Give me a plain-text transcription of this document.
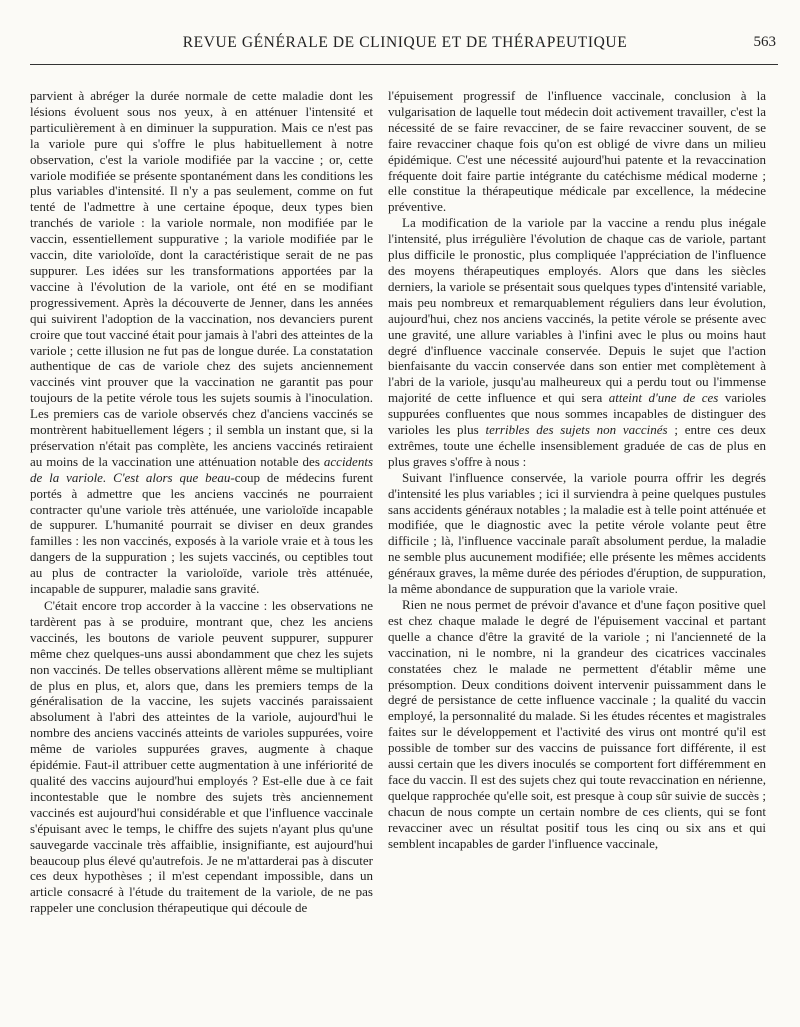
REVUE GÉNÉRALE DE CLINIQUE ET DE THÉRAPEUTIQUE	563

parvient à abréger la durée normale de cette maladie dont les lésions évoluent sous nos yeux, à en atténuer l'intensité et particulièrement à en diminuer la suppuration. Mais ce n'est pas la variole pure qui s'offre le plus habituellement à notre observation, c'est la variole modifiée par la vaccine ; or, cette variole modifiée se présente spontanément dans les conditions les plus variables d'intensité. Il n'y a pas seulement, comme on fut tenté de l'admettre à une certaine époque, deux types bien tranchés de variole : la variole normale, non modifiée par le vaccin, essentiellement suppurative ; la variole modifiée par le vaccin, dite varioloïde, dont la caractéristique serait de ne pas suppurer. Les idées sur les transformations apportées par la vaccine à l'évolution de la variole, ont été en se modifiant progressivement. Après la découverte de Jenner, dans les années qui suivirent l'adoption de la vaccination, nos devanciers purent croire que tout vacciné était pour jamais à l'abri des atteintes de la variole ; cette illusion ne fut pas de longue durée. La constatation authentique de cas de variole chez des sujets anciennement vaccinés vint prouver que la vaccination ne garantit pas pour toujours de la petite vérole tous les sujets soumis à l'inoculation. Les premiers cas de variole observés chez d'anciens vaccinés se montrèrent habituellement légers ; il sembla un instant que, si la préservation n'était pas complète, les anciens vaccinés retiraient au moins de la vaccination une atténuation notable des accidents de la variole. C'est alors que beau-coup de médecins furent portés à admettre que les anciens vaccinés ne pourraient contracter qu'une variole très atténuée, une varioloïde incapable de suppurer. L'humanité pourrait se diviser en deux grandes familles : les non vaccinés, exposés à la variole vraie et à tous les dangers de la suppuration ; les sujets vaccinés, ou ceptibles tout au plus de contracter la varioloïde, variole très atténuée, incapable de suppurer, maladie sans gravité.

C'était encore trop accorder à la vaccine : les observations ne tardèrent pas à se produire, montrant que, chez les anciens vaccinés, les boutons de variole peuvent suppurer, suppurer même chez quelques-uns aussi abondamment que chez les sujets non vaccinés. De telles observations allèrent même se multipliant de plus en plus, et, alors que, dans les premiers temps de la généralisation de la vaccine, les sujets vaccinés paraissaient absolument à l'abri des atteintes de la variole, aujourd'hui le nombre des anciens vaccinés atteints de varioles suppurées, voire même de varioles suppurées graves, augmente à chaque épidémie. Faut-il attribuer cette augmentation à une infériorité de qualité des vaccins aujourd'hui employés ? Est-elle due à ce fait incontestable que le nombre des sujets très anciennement vaccinés est aujourd'hui considérable et que l'influence vaccinale s'épuisant avec le temps, le chiffre des sujets n'ayant plus qu'une sauvegarde vaccinale très affaiblie, insignifiante, est aujourd'hui beaucoup plus élevé qu'autrefois. Je ne m'attarderai pas à discuter ces deux hypothèses ; il m'est cependant impossible, dans un article consacré à l'étude du traitement de la variole, de ne pas rappeler une conclusion thérapeutique qui découle de

l'épuisement progressif de l'influence vaccinale, conclusion à la vulgarisation de laquelle tout médecin doit activement travailler, c'est la nécessité de se faire revacciner, de se faire revacciner souvent, de se faire revacciner chaque fois qu'on est obligé de vivre dans un milieu épidémique. C'est une nécessité aujourd'hui patente et la revaccination fréquente doit faire partie intégrante du catéchisme médical moderne ; elle constitue la thérapeutique médicale par excellence, la médecine préventive.

La modification de la variole par la vaccine a rendu plus inégale l'intensité, plus irrégulière l'évolution de chaque cas de variole, partant plus difficile le pronostic, plus compliquée l'appréciation de l'influence des moyens thérapeutiques employés. Alors que dans les siècles derniers, la variole se présentait sous quelques types d'intensité variable, mais peu nombreux et remarquablement réguliers dans leur évolution, aujourd'hui, chez nos anciens vaccinés, la petite vérole se présente avec une gravité, une allure variables à l'infini avec le plus ou moins haut degré d'influence vaccinale conservée. Depuis le sujet que l'action bienfaisante du vaccin conservée dans son entier met complètement à l'abri de la variole, jusqu'au malheureux qui a perdu tout ou l'immense majorité de cette influence et qui sera atteint d'une de ces varioles suppurées confluentes que nous sommes incapables de distinguer des varioles les plus terribles des sujets non vaccinés ; entre ces deux extrêmes, toute une échelle insensiblement graduée de cas de plus en plus graves s'offre à nous :

Suivant l'influence conservée, la variole pourra offrir les degrés d'intensité les plus variables ; ici il surviendra à peine quelques pustules sans accidents généraux notables ; la maladie est à telle point atténuée et modifiée, que le diagnostic avec la petite vérole volante peut être difficile ; là, l'influence vaccinale paraît absolument perdue, la maladie ne semble plus aucunement modifiée; elle présente les mêmes accidents généraux graves, la même durée des périodes d'éruption, de suppuration, la même abondance de suppuration que la variole vraie.

Rien ne nous permet de prévoir d'avance et d'une façon positive quel est chez chaque malade le degré de l'épuisement vaccinal et partant quelle a chance d'être la gravité de la variole ; ni l'ancienneté de la vaccination, ni le nombre, ni la grandeur des cicatrices vaccinales constatées chez le malade ne permettent d'établir même une présomption. Deux conditions doivent intervenir puissamment dans le degré de persistance de cette influence vaccinale ; la qualité du vaccin employé, la personnalité du malade. Si les études récentes et magistrales faites sur le développement et l'activité des virus ont montré qu'il est possible de tomber sur des vaccins de puissance fort différente, il est aussi certain que les divers inoculés se comportent fort différemment en face du vaccin. Il est des sujets chez qui toute revaccination en nérienne, quelque rapprochée qu'elle soit, est presque à coup sûr suivie de succès ; chacun de nous compte un certain nombre de ces clients, qui se font revacciner avec un résultat positif tous les cinq ou six ans et qui semblent incapables de garder l'influence vaccinale,
